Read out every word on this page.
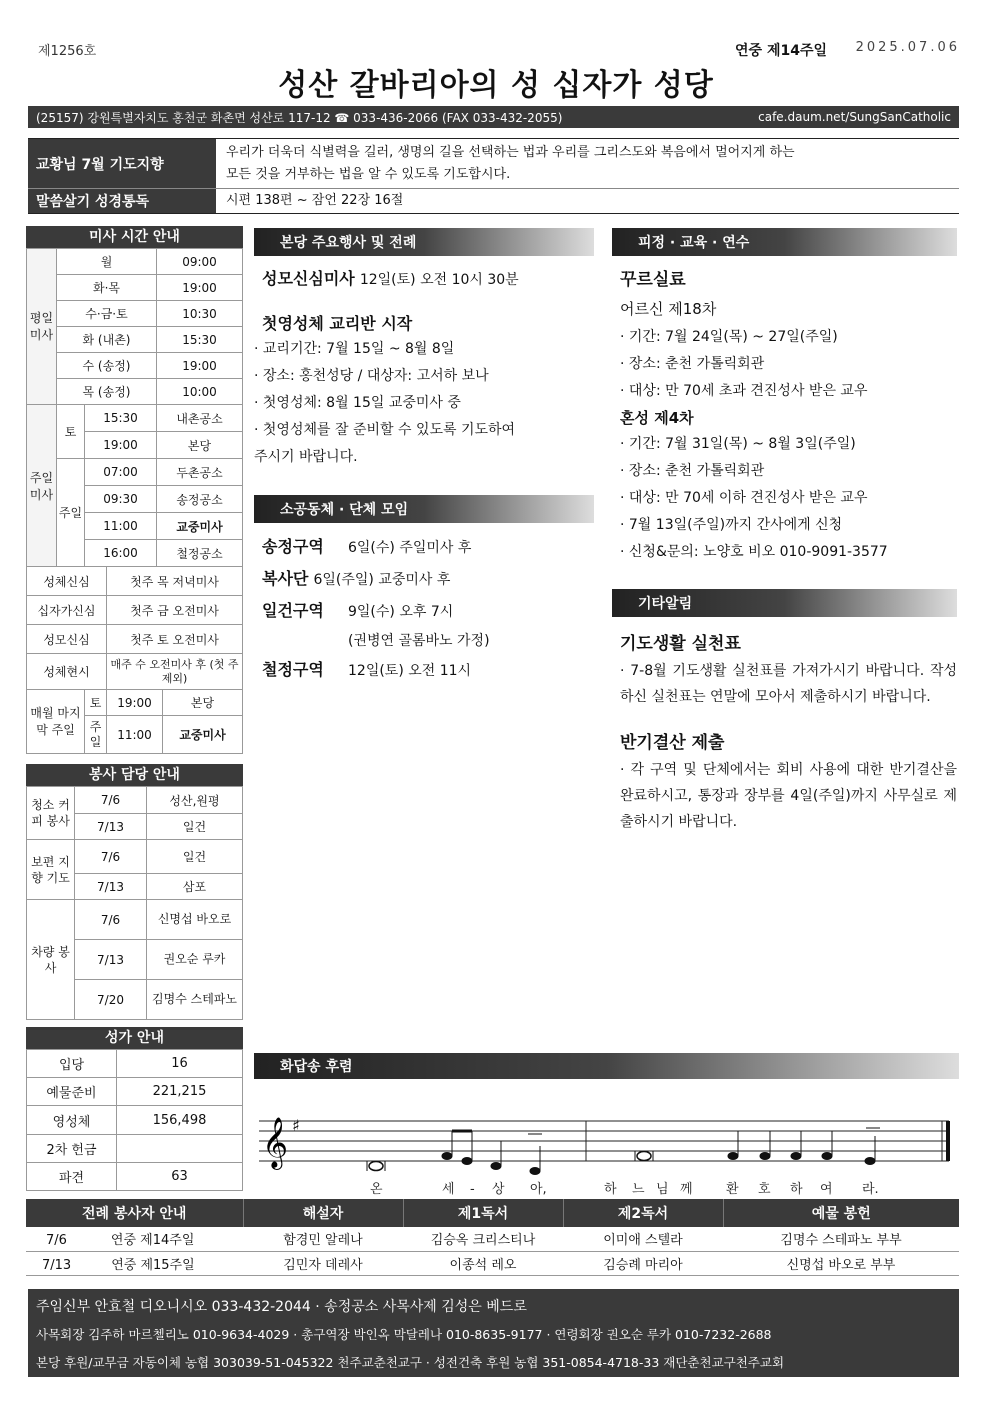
제1256호	연중 제14주일 2025.07.06
성산 갈바리아의 성 십자가 성당
(25157) 강원특별자치도 홍천군 화촌면 성산로 117-12 ☎ 033-436-2066 (FAX 033-432-2055)	cafe.daum.net/SungSanCatholic
교황님 7월 기도지향
우리가 더욱더 식별력을 길러, 생명의 길을 선택하는 법과 우리를 그리스도와 복음에서 멀어지게 하는
모든 것을 거부하는 법을 알 수 있도록 기도합시다.
말씀살기 성경통독	시편 138편 ~ 잠언 22장 16절
미사 시간 안내
평일미사	월	09:00
	화·목	19:00
	수·금·토	10:30
	화 (내촌)	15:30
	수 (송정)	19:00
	목 (송정)	10:00
주일미사	토	15:30	내촌공소
		19:00	본당
	주일	07:00	두촌공소
		09:30	송정공소
		11:00	교중미사
		16:00	철정공소
성체신심	첫주 목 저녁미사
십자가신심	첫주 금 오전미사
성모신심	첫주 토 오전미사
성체현시	매주 수 오전미사 후 (첫 주 제외)
매월 마지막 주일	토	19:00	본당
	주일	11:00	교중미사
봉사 담당 안내
청소 커피 봉사	7/6	성산,원평
	7/13	일건
보편 지향 기도	7/6	일건
	7/13	삼포
차량 봉사	7/6	신명섭 바오로
	7/13	권오순 루카
	7/20	김명수 스테파노
성가 안내
입당	16
예물준비	221,215
영성체	156,498
2차 헌금	
파견	63
본당 주요행사 및 전례
성모신심미사 12일(토) 오전 10시 30분
첫영성체 교리반 시작
· 교리기간: 7월 15일 ~ 8월 8일
· 장소: 홍천성당 / 대상자: 고서하 보나
· 첫영성체: 8월 15일 교중미사 중
· 첫영성체를 잘 준비할 수 있도록 기도하여
주시기 바랍니다.
소공동체 · 단체 모임
송정구역 6일(수) 주일미사 후
복사단 6일(주일) 교중미사 후
일건구역 9일(수) 오후 7시
(권병연 골롬바노 가정)
철정구역 12일(토) 오전 11시
피정 · 교육 · 연수
꾸르실료
어르신 제18차
· 기간: 7월 24일(목) ~ 27일(주일)
· 장소: 춘천 가톨릭회관
· 대상: 만 70세 초과 견진성사 받은 교우
혼성 제4차
· 기간: 7월 31일(목) ~ 8월 3일(주일)
· 장소: 춘천 가톨릭회관
· 대상: 만 70세 이하 견진성사 받은 교우
· 7월 13일(주일)까지 간사에게 신청
· 신청&문의: 노양호 비오 010-9091-3577
기타알림
기도생활 실천표
· 7-8월 기도생활 실천표를 가져가시기 바랍니다. 작성하신 실천표는 연말에 모아서 제출하시기 바랍니다.
반기결산 제출
· 각 구역 및 단체에서는 회비 사용에 대한 반기결산을 완료하시고, 통장과 장부를 4일(주일)까지 사무실로 제출하시기 바랍니다.
화답송 후렴
𝄞 ♯
온	세 - 상 아,	하 느 님 께	환 호 하 여 라.
전례 봉사자 안내	해설자	제1독서	제2독서	예물 봉헌
7/6 연중 제14주일	함경민 알레나	김승옥 크리스티나	이미애 스텔라	김명수 스테파노 부부
7/13 연중 제15주일	김민자 데레사	이종석 레오	김승례 마리아	신명섭 바오로 부부
주임신부 안효철 디오니시오 033-432-2044 · 송정공소 사목사제 김성은 베드로
사목회장 김주하 마르첼리노 010-9634-4029 · 총구역장 박인옥 막달레나 010-8635-9177 · 연령회장 권오순 루카 010-7232-2688
본당 후원/교무금 자동이체 농협 303039-51-045322 천주교춘천교구 · 성전건축 후원 농협 351-0854-4718-33 재단춘천교구천주교회
